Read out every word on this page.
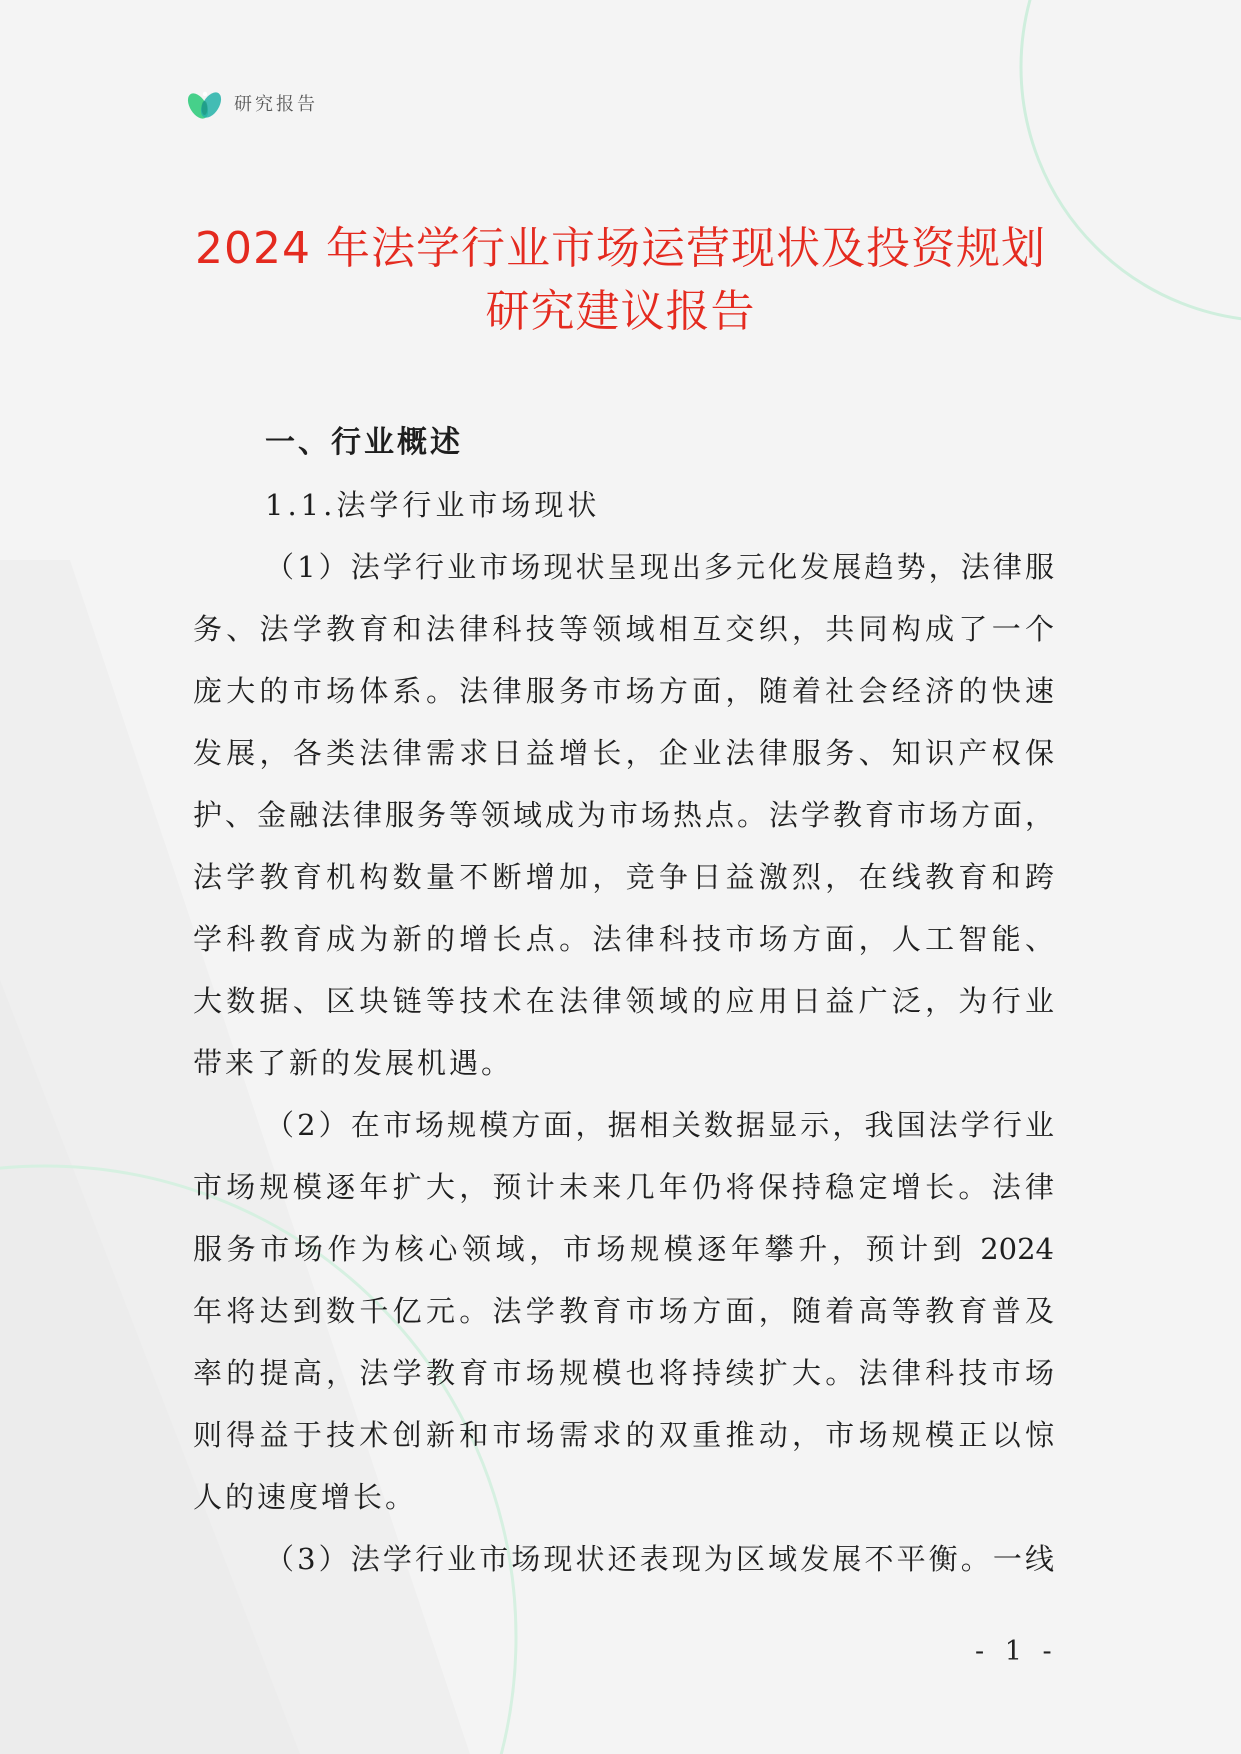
研究报告
2024 年法学行业市场运营现状及投资规划
研究建议报告
一、行业概述
1.1.法学行业市场现状
（1）法学行业市场现状呈现出多元化发展趋势，法律服
务、法学教育和法律科技等领域相互交织，共同构成了一个
庞大的市场体系。法律服务市场方面，随着社会经济的快速
发展，各类法律需求日益增长，企业法律服务、知识产权保
护、金融法律服务等领域成为市场热点。法学教育市场方面，
法学教育机构数量不断增加，竞争日益激烈，在线教育和跨
学科教育成为新的增长点。法律科技市场方面，人工智能、
大数据、区块链等技术在法律领域的应用日益广泛，为行业
带来了新的发展机遇。
（2）在市场规模方面，据相关数据显示，我国法学行业
市场规模逐年扩大，预计未来几年仍将保持稳定增长。法律
服务市场作为核心领域，市场规模逐年攀升，预计到 2024
年将达到数千亿元。法学教育市场方面，随着高等教育普及
率的提高，法学教育市场规模也将持续扩大。法律科技市场
则得益于技术创新和市场需求的双重推动，市场规模正以惊
人的速度增长。
（3）法学行业市场现状还表现为区域发展不平衡。一线
- 1 -
